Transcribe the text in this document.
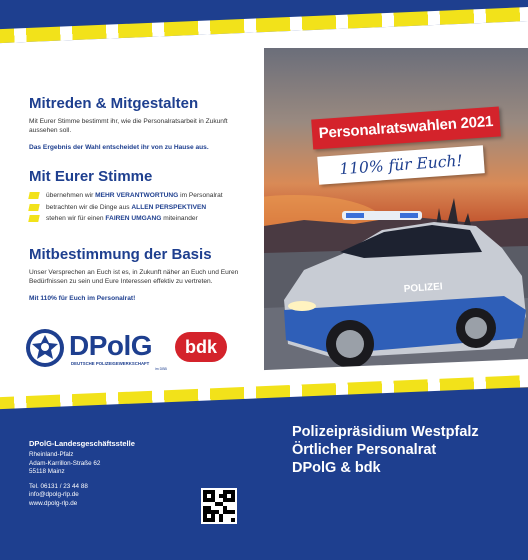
POLIZEI
Personalratswahlen 2021
110% für Euch!
Mitreden & Mitgestalten

Mit Eurer Stimme bestimmt ihr, wie die Personalratsarbeit in Zukunft aussehen soll.

Das Ergebnis der Wahl entscheidet ihr von zu Hause aus.

Mit Eurer Stimme
übernehmen wir MEHR VERANTWORTUNG im Personalrat
betrachten wir die Dinge aus ALLEN PERSPEKTIVEN
stehen wir für einen FAIREN UMGANG miteinander
Mitbestimmung der Basis

Unser Versprechen an Euch ist es, in Zukunft näher an Euch und Euren Bedürfnissen zu sein und Eure Interessen effektiv zu vertreten.

Mit 110% für Euch im Personalrat!

DPolG
DEUTSCHE POLIZEIGEWERKSCHAFT
im DBB
bdk
Polizeipräsidium Westpfalz
Örtlicher Personalrat
DPolG & bdk
DPolG-Landesgeschäftsstelle
Rheinland-Pfalz
Adam-Karrillon-Straße 62
55118 Mainz
Tel. 06131 / 23 44 88
info@dpolg-rlp.de
www.dpolg-rlp.de
